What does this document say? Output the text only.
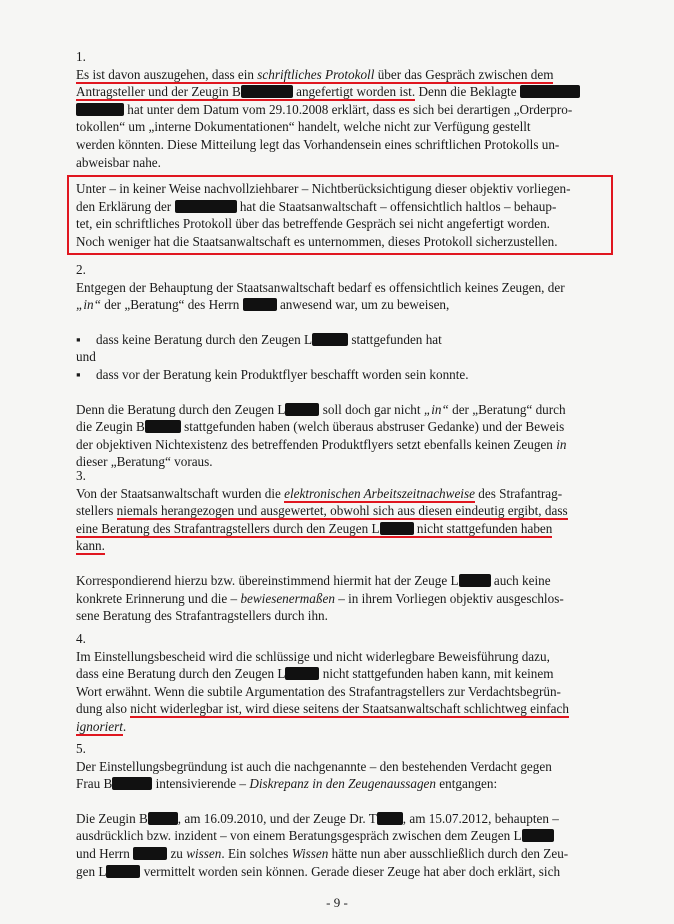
1.

Es ist davon auszugehen, dass ein schriftliches Protokoll über das Gespräch zwischen dem

Antragsteller und der Zeugin B	angefertigt worden ist. Denn die Beklagte

hat unter dem Datum vom 29.10.2008 erklärt, dass es sich bei derartigen „Orderpro-

tokollen“ um „interne Dokumentationen“ handelt, welche nicht zur Verfügung gestellt

werden könnten. Diese Mitteilung legt das Vorhandensein eines schriftlichen Protokolls un-

abweisbar nahe.

Unter – in keiner Weise nachvollziehbarer – Nichtberücksichtigung dieser objektiv vorliegen-

den Erklärung der	hat die Staatsanwaltschaft – offensichtlich haltlos – behaup-

tet, ein schriftliches Protokoll über das betreffende Gespräch sei nicht angefertigt worden.

Noch weniger hat die Staatsanwaltschaft es unternommen, dieses Protokoll sicherzustellen.

2.

Entgegen der Behauptung der Staatsanwaltschaft bedarf es offensichtlich keines Zeugen, der

„in“ der „Beratung“ des Herrn	anwesend war, um zu beweisen,

▪ dass keine Beratung durch den Zeugen L	stattgefunden hat

und

▪ dass vor der Beratung kein Produktflyer beschafft worden sein konnte.

Denn die Beratung durch den Zeugen L	soll doch gar nicht „in“ der „Beratung“ durch

die Zeugin B	stattgefunden haben (welch überaus abstruser Gedanke) und der Beweis

der objektiven Nichtexistenz des betreffenden Produktflyers setzt ebenfalls keinen Zeugen in

dieser „Beratung“ voraus.

3.

Von der Staatsanwaltschaft wurden die elektronischen Arbeitszeitnachweise des Strafantrag-

stellers niemals herangezogen und ausgewertet, obwohl sich aus diesen eindeutig ergibt, dass

eine Beratung des Strafantragstellers durch den Zeugen L	nicht stattgefunden haben

kann.

Korrespondierend hierzu bzw. übereinstimmend hiermit hat der Zeuge L auch keine

konkrete Erinnerung und die – bewiesenermaßen – in ihrem Vorliegen objektiv ausgeschlos-

sene Beratung des Strafantragstellers durch ihn.

4.

Im Einstellungsbescheid wird die schlüssige und nicht widerlegbare Beweisführung dazu,

dass eine Beratung durch den Zeugen L	nicht stattgefunden haben kann, mit keinem

Wort erwähnt. Wenn die subtile Argumentation des Strafantragstellers zur Verdachtsbegrün-

dung also nicht widerlegbar ist, wird diese seitens der Staatsanwaltschaft schlichtweg einfach

ignoriert.

5.

Der Einstellungsbegründung ist auch die nachgenannte – den bestehenden Verdacht gegen

Frau B	intensivierende – Diskrepanz in den Zeugenaussagen entgangen:

Die Zeugin B , am 16.09.2010, und der Zeuge Dr. T , am 15.07.2012, behaupten –

ausdrücklich bzw. inzident – von einem Beratungsgespräch zwischen dem Zeugen L

und Herrn	zu wissen. Ein solches Wissen hätte nun aber ausschließlich durch den Zeu-

gen L	vermittelt worden sein können. Gerade dieser Zeuge hat aber doch erklärt, sich

- 9 -
